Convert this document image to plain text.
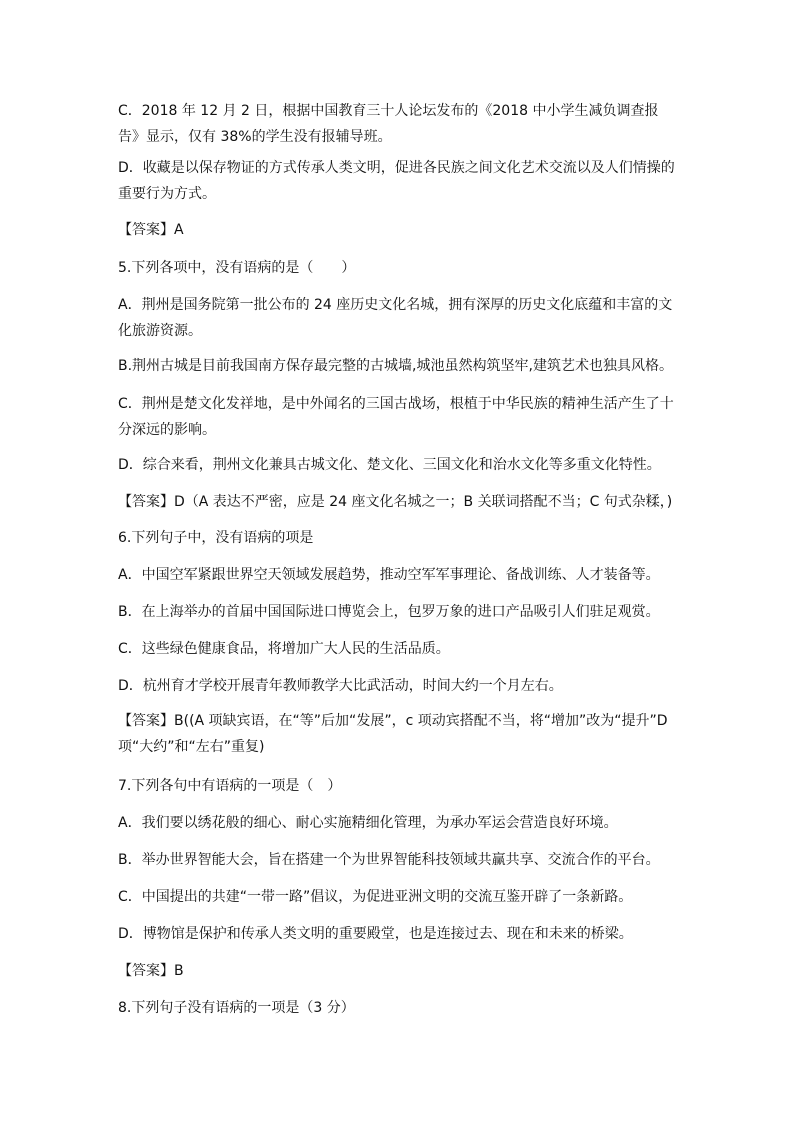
C．2018 年 12 月 2 日，根据中国教育三十人论坛发布的《2018 中小学生减负调查报告》显示，仅有 38%的学生没有报辅导班。
D．收藏是以保存物证的方式传承人类文明，促进各民族之间文化艺术交流以及人们情操的重要行为方式。
【答案】A
5.下列各项中，没有语病的是（　　）
A．荆州是国务院第一批公布的 24 座历史文化名城，拥有深厚的历史文化底蕴和丰富的文化旅游资源。
B.荆州古城是目前我国南方保存最完整的古城墙,城池虽然构筑坚牢,建筑艺术也独具风格。
C．荆州是楚文化发祥地，是中外闻名的三国古战场，根植于中华民族的精神生活产生了十分深远的影响。
D．综合来看，荆州文化兼具古城文化、楚文化、三国文化和治水文化等多重文化特性。
【答案】D（A 表达不严密，应是 24 座文化名城之一；B 关联词搭配不当；C 句式杂糅，)
6.下列句子中，没有语病的项是
A．中国空军紧跟世界空天领域发展趋势，推动空军军事理论、备战训练、人才装备等。
B．在上海举办的首届中国国际进口博览会上，包罗万象的进口产品吸引人们驻足观赏。
C．这些绿色健康食品，将增加广大人民的生活品质。
D．杭州育才学校开展青年教师教学大比武活动，时间大约一个月左右。
【答案】B((A 项缺宾语，在“等”后加“发展”，c 项动宾搭配不当，将“增加”改为“提升”D 项“大约”和“左右”重复)
7.下列各句中有语病的一项是（　）
A．我们要以绣花般的细心、耐心实施精细化管理，为承办军运会营造良好环境。
B．举办世界智能大会，旨在搭建一个为世界智能科技领域共赢共享、交流合作的平台。
C．中国提出的共建“一带一路”倡议，为促进亚洲文明的交流互鉴开辟了一条新路。
D．博物馆是保护和传承人类文明的重要殿堂，也是连接过去、现在和未来的桥梁。
【答案】B
8.下列句子没有语病的一项是（3 分）
